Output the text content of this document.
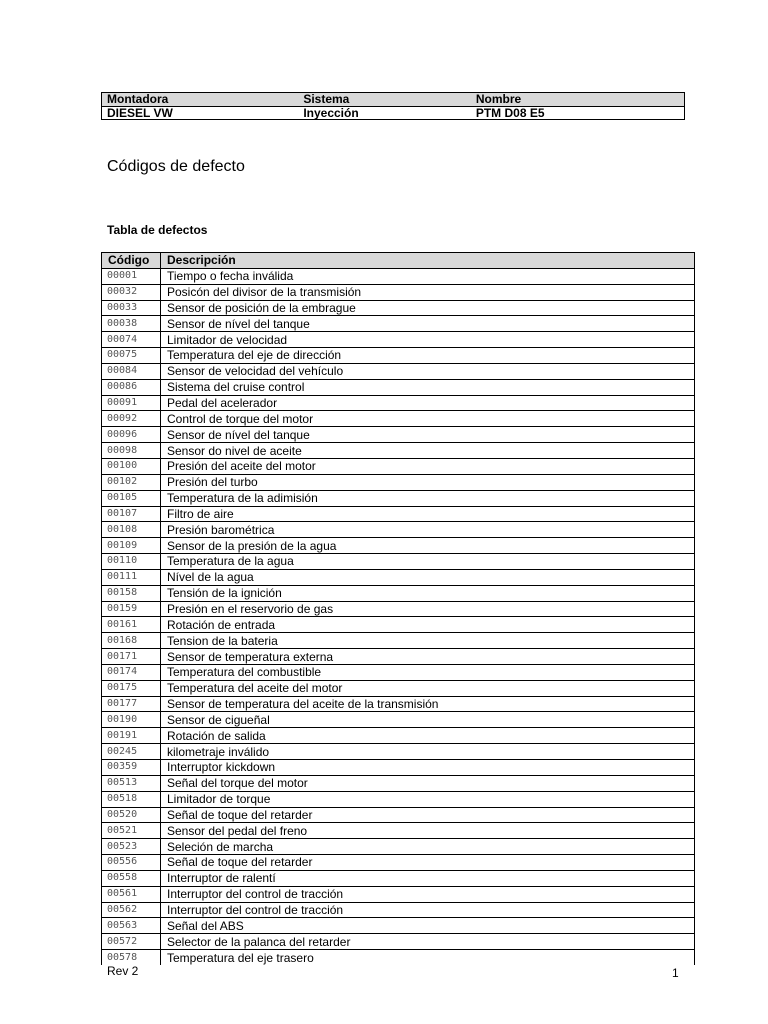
Montadora	Sistema	Nombre
DIESEL VW	Inyección	PTM D08 E5
Códigos de defecto
Tabla de defectos
Código	Descripción
00001	Tiempo o fecha inválida
00032	Posicón del divisor de la transmisión
00033	Sensor de posición de la embrague
00038	Sensor de nível del tanque
00074	Limitador de velocidad
00075	Temperatura del eje de dirección
00084	Sensor de velocidad del vehículo
00086	Sistema del cruise control
00091	Pedal del acelerador
00092	Control de torque del motor
00096	Sensor de nível del tanque
00098	Sensor do nivel de aceite
00100	Presión del aceite del motor
00102	Presión del turbo
00105	Temperatura de la adimisión
00107	Filtro de aire
00108	Presión barométrica
00109	Sensor de la presión de la agua
00110	Temperatura de la agua
00111	Nível de la agua
00158	Tensión de la ignición
00159	Presión en el reservorio de gas
00161	Rotación de entrada
00168	Tension de la bateria
00171	Sensor de temperatura externa
00174	Temperatura del combustible
00175	Temperatura del aceite del motor
00177	Sensor de temperatura del aceite de la transmisión
00190	Sensor de cigueñal
00191	Rotación de salida
00245	kilometraje inválido
00359	Interruptor kickdown
00513	Señal del torque del motor
00518	Limitador de torque
00520	Señal de toque del retarder
00521	Sensor del pedal del freno
00523	Seleción de marcha
00556	Señal de toque del retarder
00558	Interruptor de ralentí
00561	Interruptor del control de tracción
00562	Interruptor del control de tracción
00563	Señal del ABS
00572	Selector de la palanca del retarder
00578	Temperatura del eje trasero
Rev 2	1
